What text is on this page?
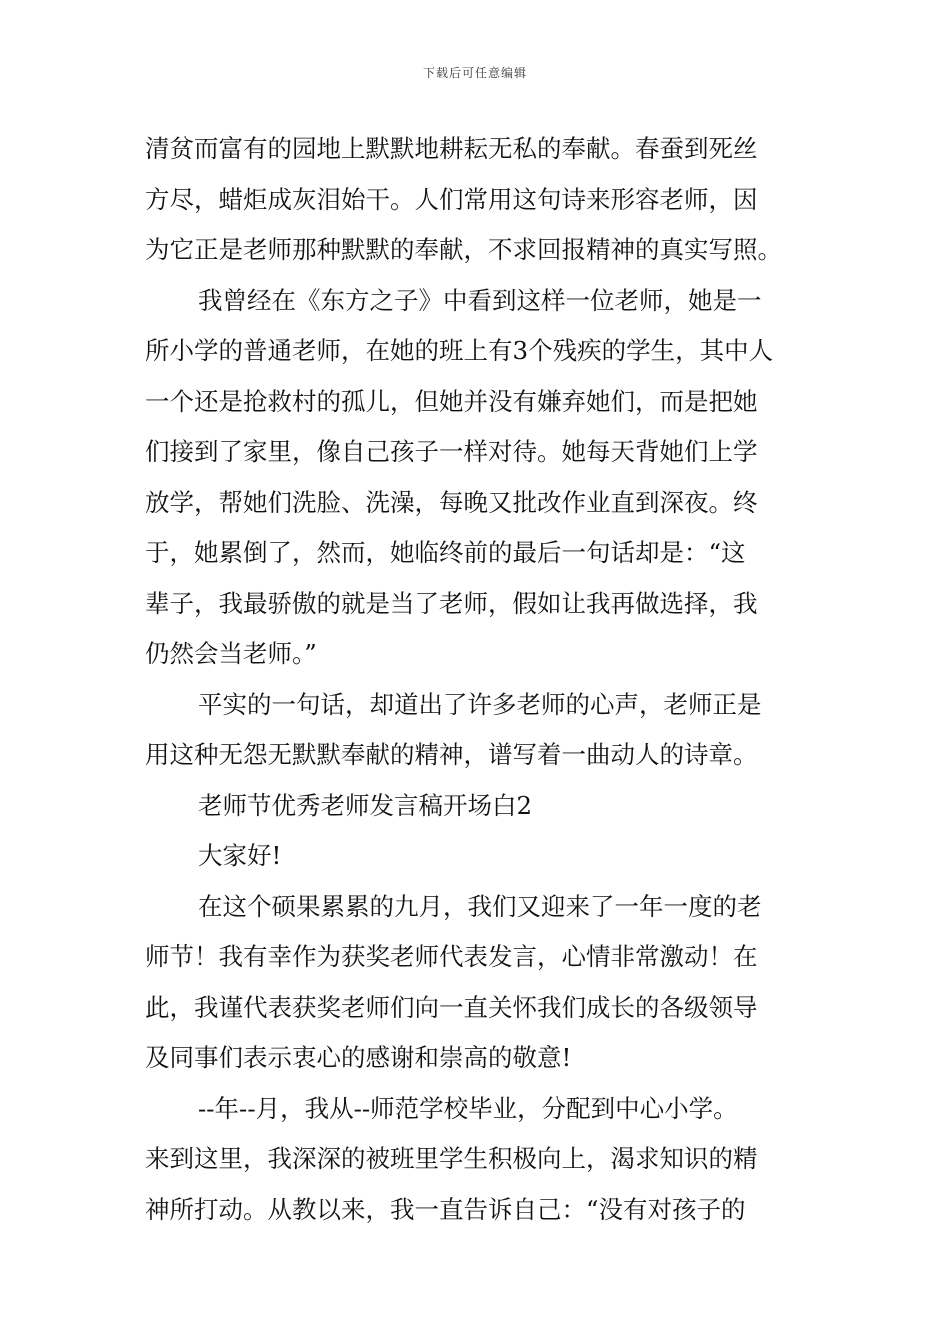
下载后可任意编辑
清贫而富有的园地上默默地耕耘无私的奉献。春蚕到死丝
方尽，蜡炬成灰泪始干。人们常用这句诗来形容老师，因
为它正是老师那种默默的奉献，不求回报精神的真实写照。
我曾经在《东方之子》中看到这样一位老师，她是一
所小学的普通老师，在她的班上有3个残疾的学生，其中人
一个还是抢救村的孤儿，但她并没有嫌弃她们，而是把她
们接到了家里，像自己孩子一样对待。她每天背她们上学
放学，帮她们洗脸、洗澡，每晚又批改作业直到深夜。终
于，她累倒了，然而，她临终前的最后一句话却是：“这
辈子，我最骄傲的就是当了老师，假如让我再做选择，我
仍然会当老师。”
平实的一句话，却道出了许多老师的心声，老师正是
用这种无怨无默默奉献的精神，谱写着一曲动人的诗章。
老师节优秀老师发言稿开场白2
大家好!
在这个硕果累累的九月，我们又迎来了一年一度的老
师节！我有幸作为获奖老师代表发言，心情非常激动！在
此，我谨代表获奖老师们向一直关怀我们成长的各级领导
及同事们表示衷心的感谢和崇高的敬意!
--年--月，我从--师范学校毕业，分配到中心小学。
来到这里，我深深的被班里学生积极向上，渴求知识的精
神所打动。从教以来，我一直告诉自己：“没有对孩子的
